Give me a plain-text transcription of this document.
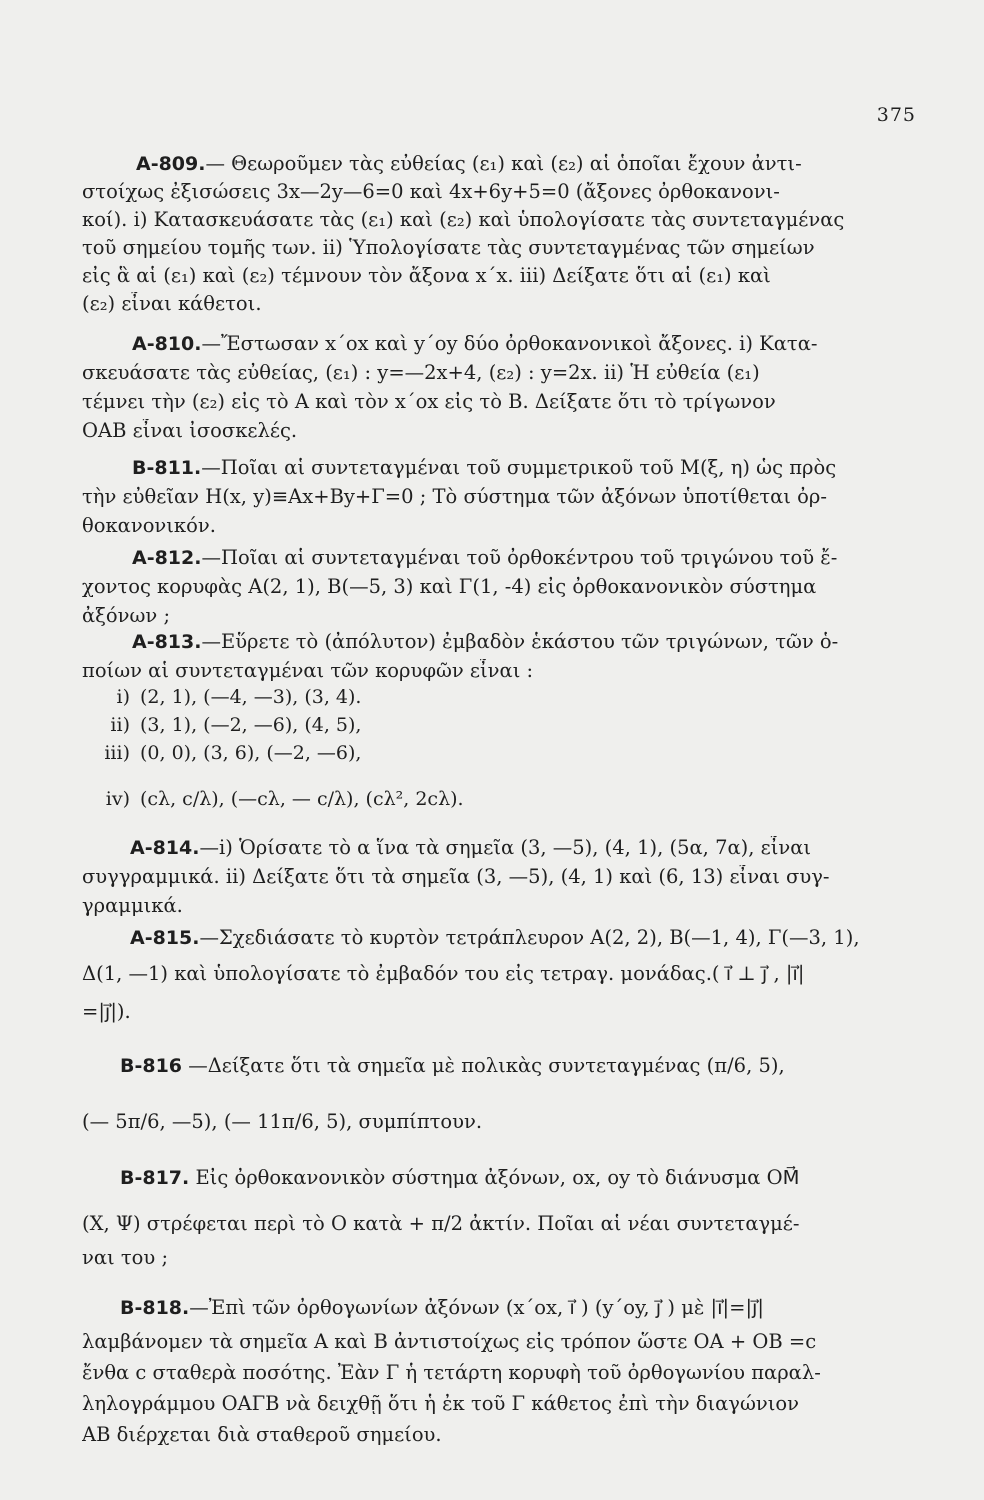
375

A-809.— Θεωροῦμεν τὰς εὐθείας (ε₁) καὶ (ε₂) αἱ ὁποῖαι ἔχουν ἀντι-

στοίχως ἐξισώσεις 3x—2y—6=0 καὶ 4x+6y+5=0 (ἄξονες ὀρθοκανονι-

κοί). i) Κατασκευάσατε τὰς (ε₁) καὶ (ε₂) καὶ ὑπολογίσατε τὰς συντεταγμένας

τοῦ σημείου τομῆς των. ii) Ὑπολογίσατε τὰς συντεταγμένας τῶν σημείων

εἰς ἃ αἱ (ε₁) καὶ (ε₂) τέμνουν τὸν ἄξονα x΄x. iii) Δείξατε ὅτι αἱ (ε₁) καὶ

(ε₂) εἶναι κάθετοι.

A-810.—Ἔστωσαν x΄ox καὶ y΄oy δύο ὀρθοκανονικοὶ ἄξονες. i) Κατα-

σκευάσατε τὰς εὐθείας, (ε₁) : y=—2x+4, (ε₂) : y=2x. ii) Ἡ εὐθεία (ε₁)

τέμνει τὴν (ε₂) εἰς τὸ A καὶ τὸν x΄ox εἰς τὸ B. Δείξατε ὅτι τὸ τρίγωνον

OAB εἶναι ἰσοσκελές.

B-811.—Ποῖαι αἱ συντεταγμέναι τοῦ συμμετρικοῦ τοῦ M(ξ, η) ὡς πρὸς

τὴν εὐθεῖαν H(x, y)≡Ax+By+Γ=0 ; Τὸ σύστημα τῶν ἀξόνων ὑποτίθεται ὀρ-

θοκανονικόν.

A-812.—Ποῖαι αἱ συντεταγμέναι τοῦ ὀρθοκέντρου τοῦ τριγώνου τοῦ ἔ-

χοντος κορυφὰς A(2, 1), B(—5, 3) καὶ Γ(1, -4) εἰς ὀρθοκανονικὸν σύστημα

ἀξόνων ;

A-813.—Εὕρετε τὸ (ἀπόλυτον) ἐμβαδὸν ἑκάστου τῶν τριγώνων, τῶν ὁ-

ποίων αἱ συντεταγμέναι τῶν κορυφῶν εἶναι :

i) (2, 1), (—4, —3), (3, 4).
ii) (3, 1), (—2, —6), (4, 5),
iii) (0, 0), (3, 6), (—2, —6),
iv) (cλ, c/λ), (—cλ, — c/λ), (cλ², 2cλ).

A-814.—i) Ὁρίσατε τὸ α ἵνα τὰ σημεῖα (3, —5), (4, 1), (5α, 7α), εἶναι

συγγραμμικά. ii) Δείξατε ὅτι τὰ σημεῖα (3, —5), (4, 1) καὶ (6, 13) εἶναι συγ-

γραμμικά.

A-815.—Σχεδιάσατε τὸ κυρτὸν τετράπλευρον A(2, 2), B(—1, 4), Γ(—3, 1),

Δ(1, —1) καὶ ὑπολογίσατε τὸ ἐμβαδόν του εἰς τετραγ. μονάδας.( i⃗ ⊥ j⃗ , |i⃗|

=|j⃗|).

B-816 —Δείξατε ὅτι τὰ σημεῖα μὲ πολικὰς συντεταγμένας (π/6, 5),

(— 5π/6, —5), (— 11π/6, 5), συμπίπτουν.

B-817. Εἰς ὀρθοκανονικὸν σύστημα ἀξόνων, ox, oy τὸ διάνυσμα OM⃗

(X, Ψ) στρέφεται περὶ τὸ O κατὰ + π/2 ἀκτίν. Ποῖαι αἱ νέαι συντεταγμέ-

ναι του ;

B-818.—Ἐπὶ τῶν ὀρθογωνίων ἀξόνων (x΄ox, i⃗ ) (y΄oy, j⃗ ) μὲ |i⃗|=|j⃗|

λαμβάνομεν τὰ σημεῖα A καὶ B ἀντιστοίχως εἰς τρόπον ὥστε OA + OB =c

ἔνθα c σταθερὰ ποσότης. Ἐὰν Γ ἡ τετάρτη κορυφὴ τοῦ ὀρθογωνίου παραλ-

ληλογράμμου OAΓB νὰ δειχθῇ ὅτι ἡ ἐκ τοῦ Γ κάθετος ἐπὶ τὴν διαγώνιον

AB διέρχεται διὰ σταθεροῦ σημείου.
